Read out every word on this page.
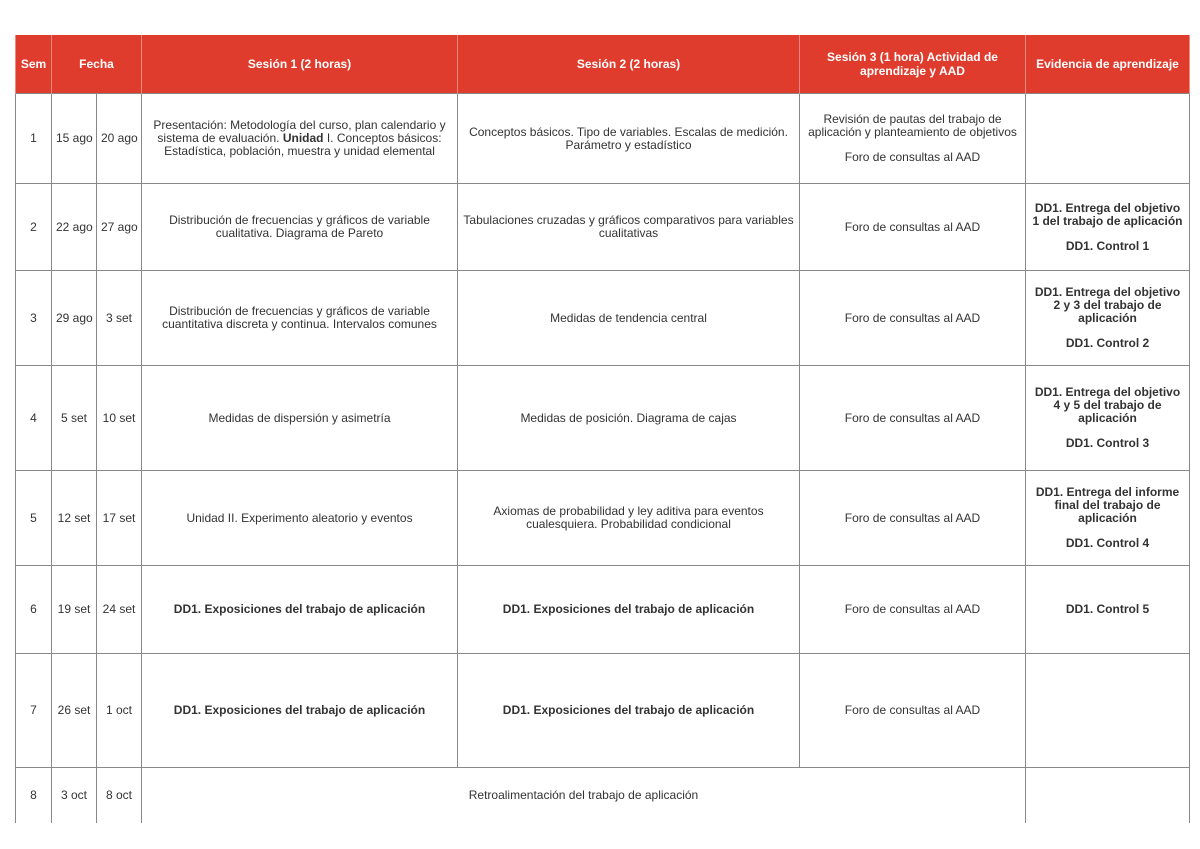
Sem	Fecha		Sesión 1 (2 horas)	Sesión 2 (2 horas)	Sesión 3 (1 hora) Actividad de aprendizaje y AAD	Evidencia de aprendizaje
1	15 ago	20 ago	Presentación: Metodología del curso, plan calendario y sistema de evaluación. Unidad I. Conceptos básicos: Estadística, población, muestra y unidad elemental	Conceptos básicos. Tipo de variables. Escalas de medición. Parámetro y estadístico	Revisión de pautas del trabajo de aplicación y planteamiento de objetivos
Foro de consultas al AAD	
2	22 ago	27 ago	Distribución de frecuencias y gráficos de variable cualitativa. Diagrama de Pareto	Tabulaciones cruzadas y gráficos comparativos para variables cualitativas	Foro de consultas al AAD	DD1. Entrega del objetivo 1 del trabajo de aplicación
DD1. Control 1
3	29 ago	3 set	Distribución de frecuencias y gráficos de variable cuantitativa discreta y continua. Intervalos comunes	Medidas de tendencia central	Foro de consultas al AAD	DD1. Entrega del objetivo 2 y 3 del trabajo de aplicación
DD1. Control 2
4	5 set	10 set	Medidas de dispersión y asimetría	Medidas de posición. Diagrama de cajas	Foro de consultas al AAD	DD1. Entrega del objetivo 4 y 5 del trabajo de aplicación
DD1. Control 3
5	12 set	17 set	Unidad II. Experimento aleatorio y eventos	Axiomas de probabilidad y ley aditiva para eventos cualesquiera. Probabilidad condicional	Foro de consultas al AAD	DD1. Entrega del informe final del trabajo de aplicación
DD1. Control 4
6	19 set	24 set	DD1. Exposiciones del trabajo de aplicación	DD1. Exposiciones del trabajo de aplicación	Foro de consultas al AAD	DD1. Control 5
7	26 set	1 oct	DD1. Exposiciones del trabajo de aplicación	DD1. Exposiciones del trabajo de aplicación	Foro de consultas al AAD	
8	3 oct	8 oct	Retroalimentación del trabajo de aplicación			
